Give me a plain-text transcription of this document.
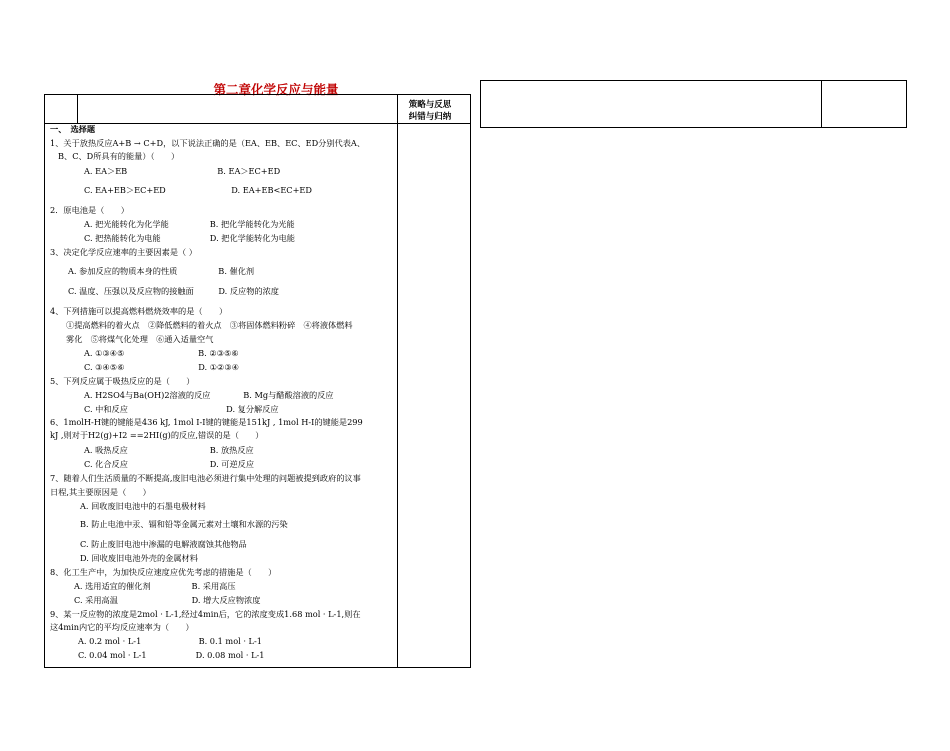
第二章化学反应与能量
策略与反思
纠错与归纳
一、　选择题
1、关于放热反应A+B → C+D，以下说法正确的是（EA、EB、EC、ED分别代表A、
B、C、D所具有的能量）（　　）
A. EA＞EB　　　　　　　　　　　B. EA＞EC+ED
C. EA+EB＞EC+ED　　　　　　　　D. EA+EB<EC+ED
2．原电池是（　　）
A. 把光能转化为化学能　　　　　B. 把化学能转化为光能
C. 把热能转化为电能　　　　　　D. 把化学能转化为电能
3、决定化学反应速率的主要因素是（ ）
A. 参加反应的物质本身的性质　　　　　B. 催化剂
C. 温度、压强以及反应物的接触面　　　D. 反应物的浓度
4、下列措施可以提高燃料燃烧效率的是（　　）
①提高燃料的着火点　②降低燃料的着火点　③将固体燃料粉碎　④将液体燃料
雾化　⑤将煤气化处理　⑥通入适量空气
A. ①③④⑤　　　　　　　　　B. ②③⑤⑥
C. ③④⑤⑥　　　　　　　　　D. ①②③④
5、下列反应属于吸热反应的是（　　）
A. H2SO4与Ba(OH)2溶液的反应　　　　B. Mg与醋酸溶液的反应
C. 中和反应　　　　　　　　　　　　D. 复分解反应
6、1molH-H键的键能是436 kJ, 1mol I-I键的键能是151kJ , 1mol H-I的键能是299
kJ ,则对于H2(g)+I2 ==2HI(g)的反应,错误的是（　　）
A. 吸热反应　　　　　　　　　　B. 放热反应
C. 化合反应　　　　　　　　　　D. 可逆反应
7、随着人们生活质量的不断提高,废旧电池必须进行集中处理的问题被提到政府的议事
日程,其主要原因是（　　）
A. 回收废旧电池中的石墨电极材料
B. 防止电池中汞、镉和铅等金属元素对土壤和水源的污染
C. 防止废旧电池中渗漏的电解液腐蚀其他物品
D. 回收废旧电池外壳的金属材料
8、化工生产中，为加快反应速度应优先考虑的措施是（　　）
A. 选用适宜的催化剂　　　　　B. 采用高压
C. 采用高温　　　　　　　　　D. 增大反应物浓度
9、某一反应物的浓度是2mol · L-1,经过4min后，它的浓度变成1.68 mol · L-1,则在
这4min内它的平均反应速率为（　　）
A. 0.2 mol · L-1　　　　　　　B. 0.1 mol · L-1
C. 0.04 mol · L-1　　　　　　D. 0.08 mol · L-1
